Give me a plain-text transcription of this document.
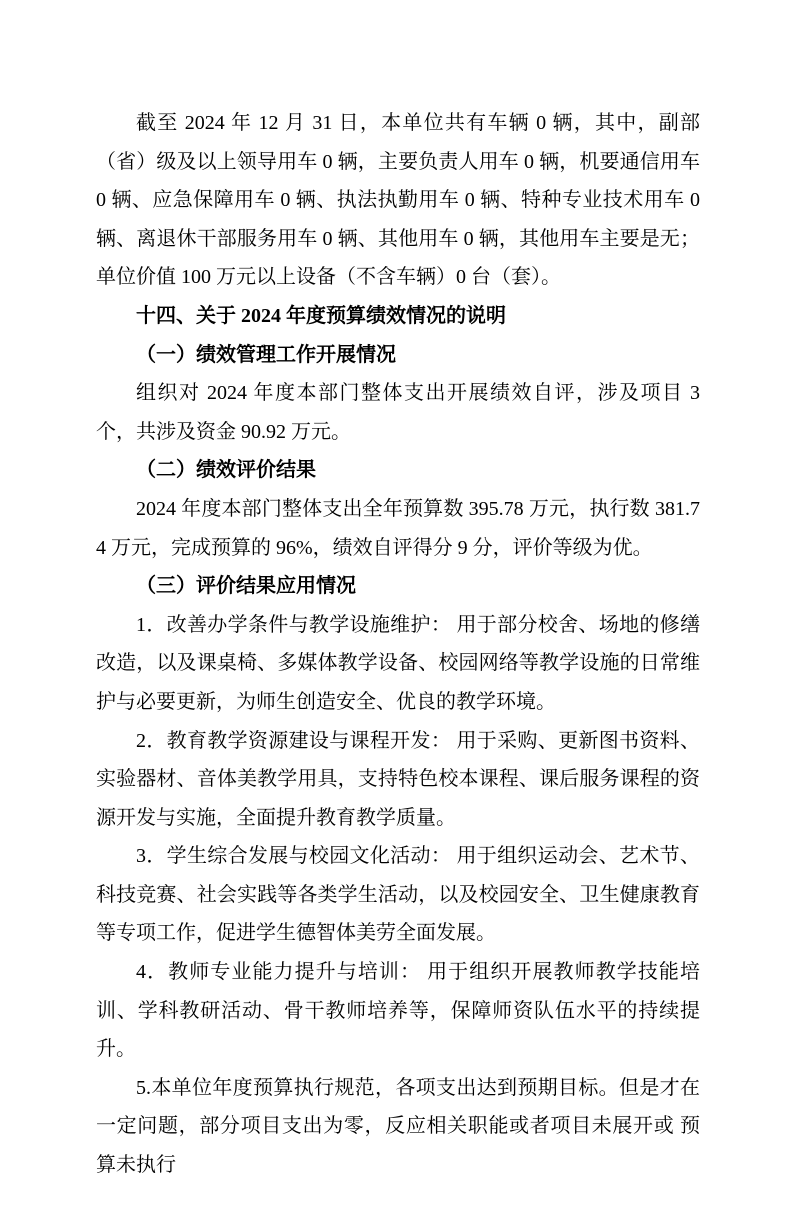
截至 2024 年 12 月 31 日，本单位共有车辆 0 辆，其中，副部（省）级及以上领导用车 0 辆，主要负责人用车 0 辆，机要通信用车 0 辆、应急保障用车 0 辆、执法执勤用车 0 辆、特种专业技术用车 0 辆、离退休干部服务用车 0 辆、其他用车 0 辆，其他用车主要是无；单位价值 100 万元以上设备（不含车辆）0 台（套）。

十四、关于 2024 年度预算绩效情况的说明

（一）绩效管理工作开展情况

组织对 2024 年度本部门整体支出开展绩效自评，涉及项目 3 个，共涉及资金 90.92 万元。

（二）绩效评价结果

2024 年度本部门整体支出全年预算数 395.78 万元，执行数 381.74 万元，完成预算的 96%，绩效自评得分 9 分，评价等级为优。

（三）评价结果应用情况

1．改善办学条件与教学设施维护： 用于部分校舍、场地的修缮改造，以及课桌椅、多媒体教学设备、校园网络等教学设施的日常维护与必要更新，为师生创造安全、优良的教学环境。

2．教育教学资源建设与课程开发： 用于采购、更新图书资料、实验器材、音体美教学用具，支持特色校本课程、课后服务课程的资源开发与实施，全面提升教育教学质量。

3．学生综合发展与校园文化活动： 用于组织运动会、艺术节、科技竞赛、社会实践等各类学生活动，以及校园安全、卫生健康教育等专项工作，促进学生德智体美劳全面发展。

4．教师专业能力提升与培训： 用于组织开展教师教学技能培训、学科教研活动、骨干教师培养等，保障师资队伍水平的持续提升。

5.本单位年度预算执行规范，各项支出达到预期目标。但是才在一定问题，部分项目支出为零，反应相关职能或者项目未展开或 预算未执行
